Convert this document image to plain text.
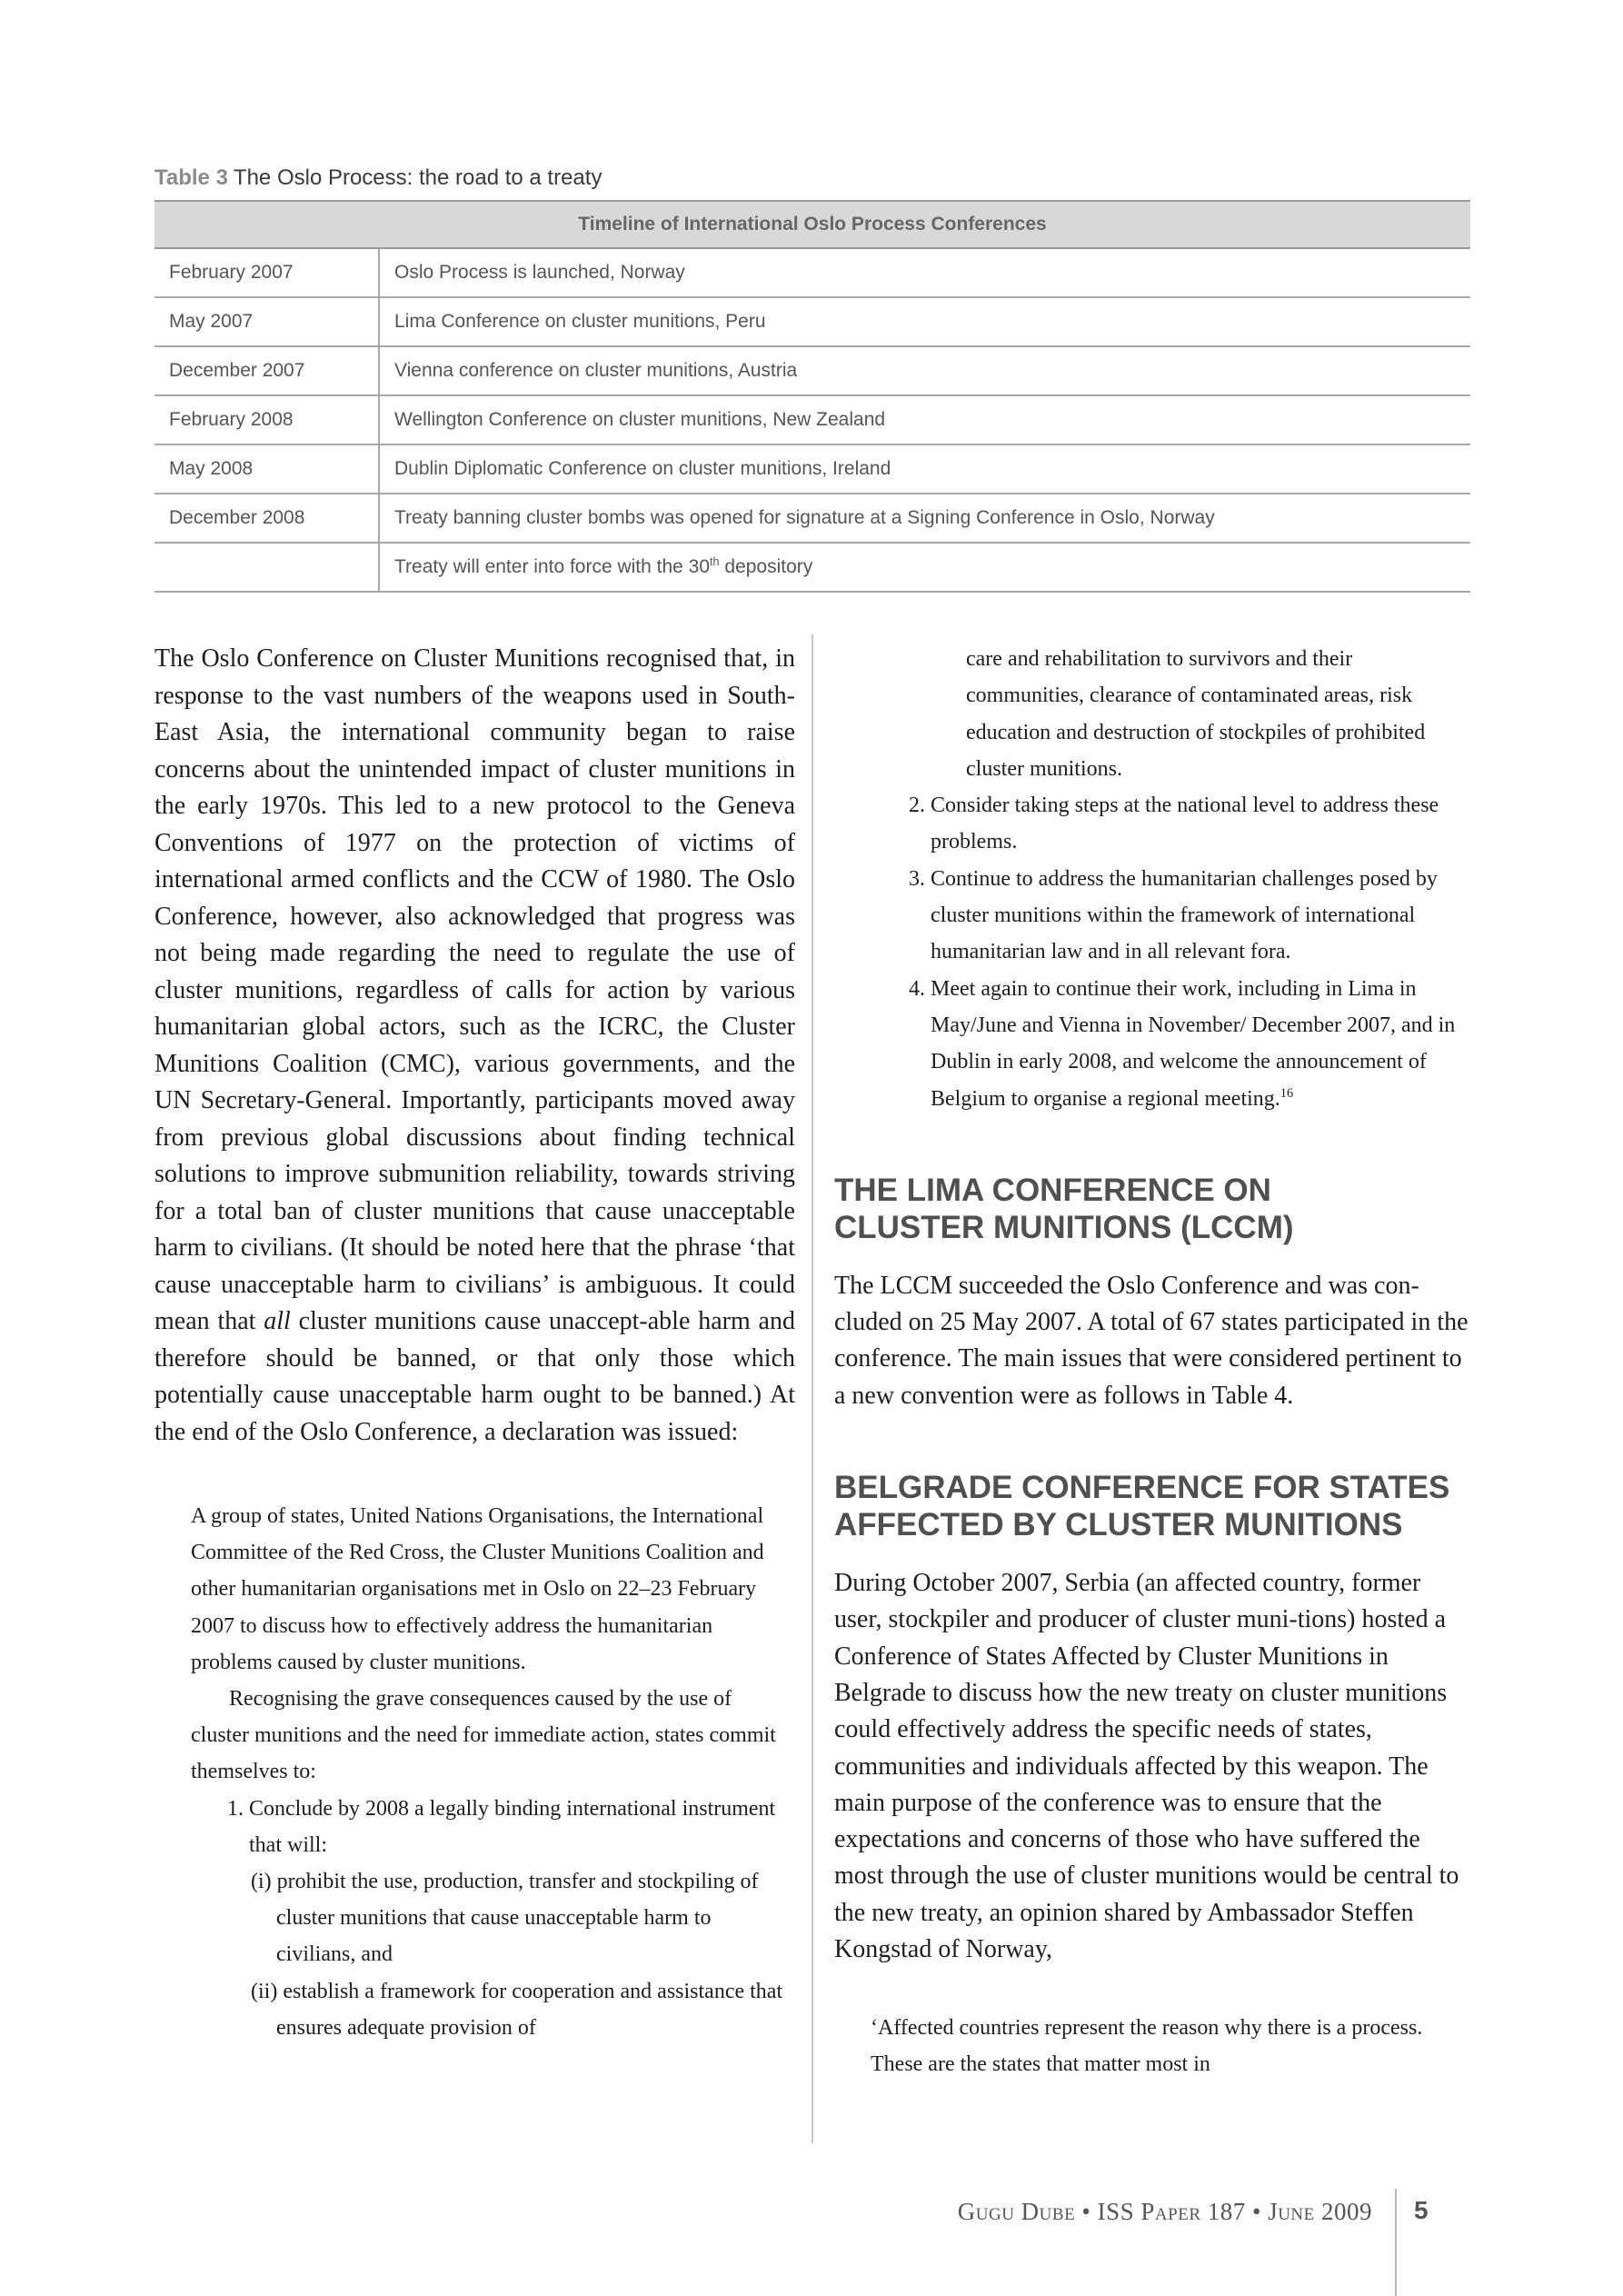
Table 3 The Oslo Process: the road to a treaty
Timeline of International Oslo Process Conferences	
February 2007	Oslo Process is launched, Norway
May 2007	Lima Conference on cluster munitions, Peru
December 2007	Vienna conference on cluster munitions, Austria
February 2008	Wellington Conference on cluster munitions, New Zealand
May 2008	Dublin Diplomatic Conference on cluster munitions, Ireland
December 2008	Treaty banning cluster bombs was opened for signature at a Signing Conference in Oslo, Norway
	Treaty will enter into force with the 30th depository

The Oslo Conference on Cluster Munitions recognised that, in response to the vast numbers of the weapons used in South-East Asia, the international community began to raise concerns about the unintended impact of cluster munitions in the early 1970s. This led to a new protocol to the Geneva Conventions of 1977 on the protection of victims of international armed conflicts and the CCW of 1980. The Oslo Conference, however, also acknowledged that progress was not being made regarding the need to regulate the use of cluster munitions, regardless of calls for action by various humanitarian global actors, such as the ICRC, the Cluster Munitions Coalition (CMC), various governments, and the UN Secretary-General. Importantly, participants moved away from previous global discussions about finding technical solutions to improve submunition reliability, towards striving for a total ban of cluster munitions that cause unacceptable harm to civilians. (It should be noted here that the phrase ‘that cause unacceptable harm to civilians’ is ambiguous. It could mean that all cluster munitions cause unaccept-able harm and therefore should be banned, or that only those which potentially cause unacceptable harm ought to be banned.) At the end of the Oslo Conference, a declaration was issued:

A group of states, United Nations Organisations, the International Committee of the Red Cross, the Cluster Munitions Coalition and other humanitarian organisations met in Oslo on 22–23 February 2007 to discuss how to effectively address the humanitarian problems caused by cluster munitions.

Recognising the grave consequences caused by the use of cluster munitions and the need for immediate action, states commit themselves to:

1. Conclude by 2008 a legally binding international instrument that will:
(i) prohibit the use, production, transfer and stockpiling of cluster munitions that cause unacceptable harm to civilians, and
(ii) establish a framework for cooperation and assistance that ensures adequate provision of

care and rehabilitation to survivors and their communities, clearance of contaminated areas, risk education and destruction of stockpiles of prohibited cluster munitions.

2. Consider taking steps at the national level to address these problems.
3. Continue to address the humanitarian challenges posed by cluster munitions within the framework of international humanitarian law and in all relevant fora.
4. Meet again to continue their work, including in Lima in May/June and Vienna in November/ December 2007, and in Dublin in early 2008, and welcome the announcement of Belgium to organise a regional meeting.$^{16}$
THE LIMA CONFERENCE ON
CLUSTER MUNITIONS (LCCM)

The LCCM succeeded the Oslo Conference and was con-cluded on 25 May 2007. A total of 67 states participated in the conference. The main issues that were considered pertinent to a new convention were as follows in Table 4.

BELGRADE CONFERENCE FOR STATES
AFFECTED BY CLUSTER MUNITIONS

During October 2007, Serbia (an affected country, former user, stockpiler and producer of cluster muni-tions) hosted a Conference of States Affected by Cluster Munitions in Belgrade to discuss how the new treaty on cluster munitions could effectively address the specific needs of states, communities and individuals affected by this weapon. The main purpose of the conference was to ensure that the expectations and concerns of those who have suffered the most through the use of cluster munitions would be central to the new treaty, an opinion shared by Ambassador Steffen Kongstad of Norway,

‘Affected countries represent the reason why there is a process. These are the states that matter most in

Gugu Dube • ISS Paper 187 • June 2009 5
